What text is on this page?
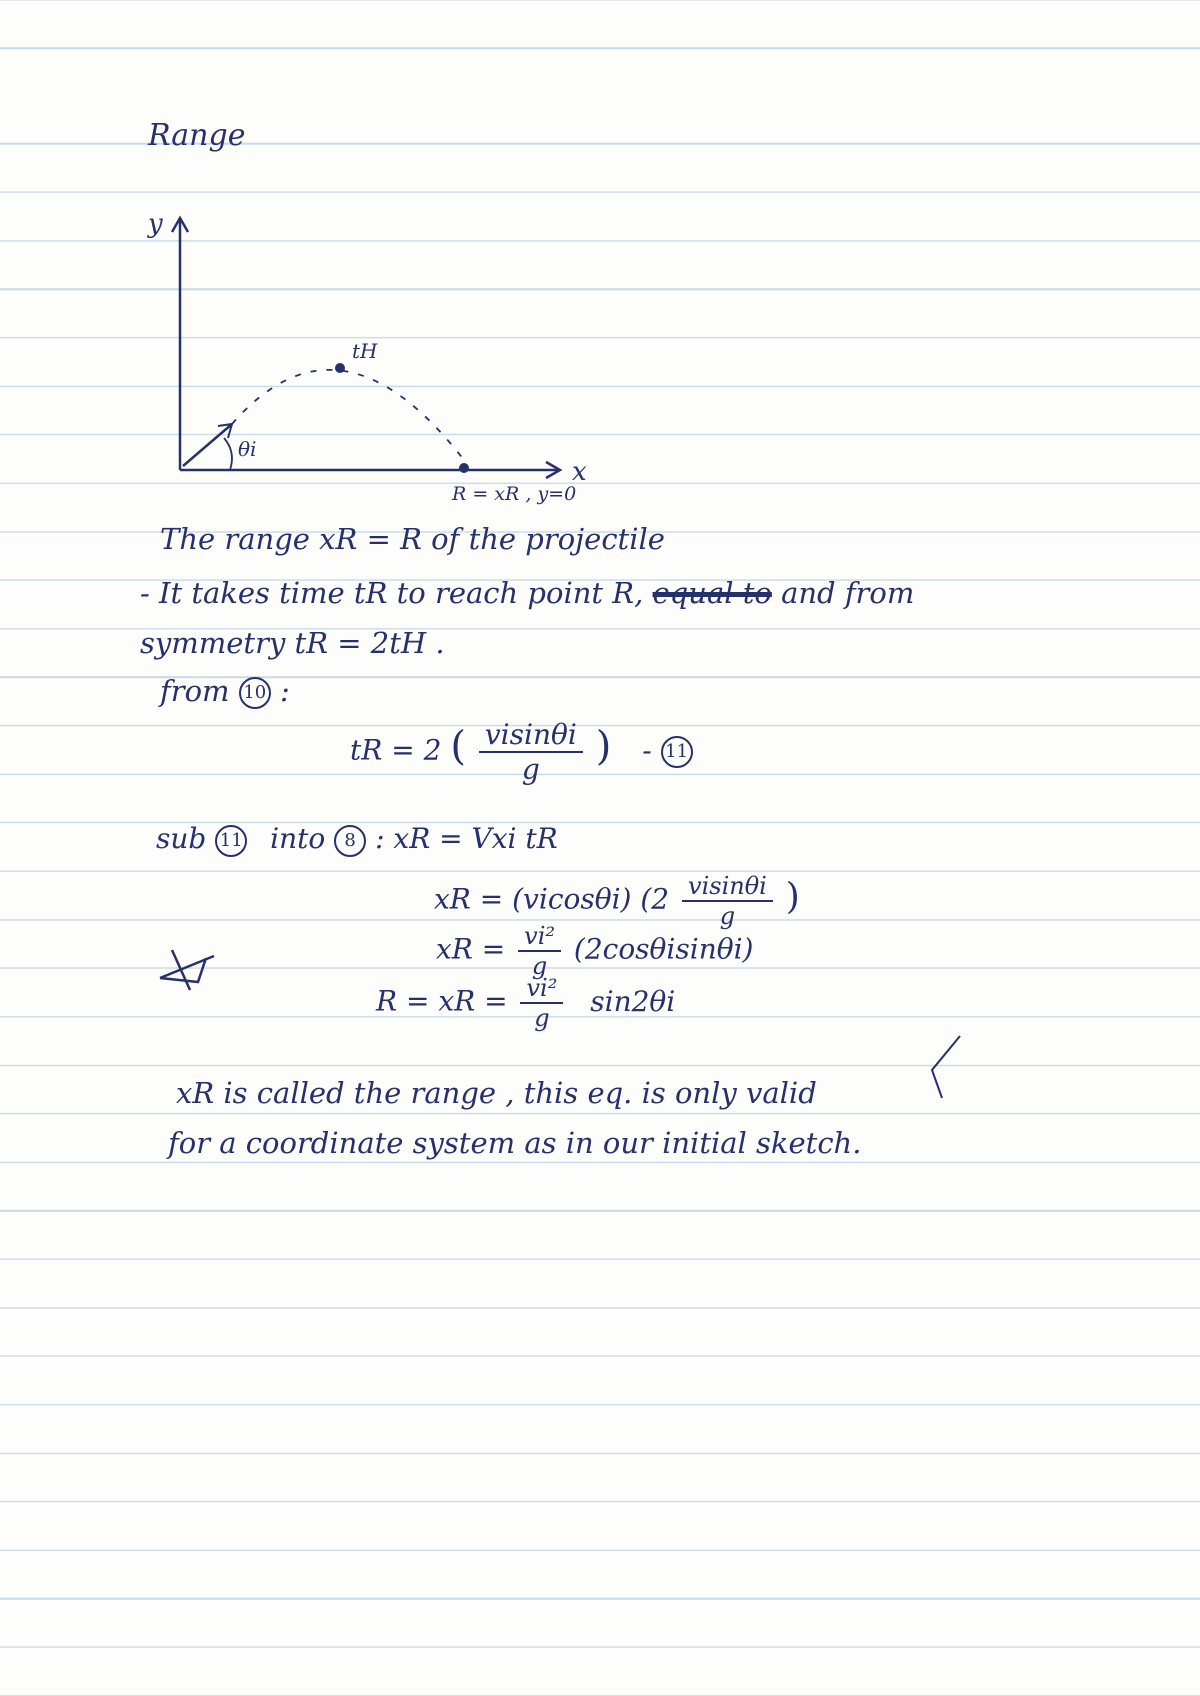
Range
y
x
θi
tH
R = xR , y=0
The range xR = R of the projectile
- It takes time tR to reach point R, equal to and from
symmetry tR = 2tH .
from 10 :
tR = 2 ( $\frac{visin\theta i}{g}$ ) - 11
sub 11 into 8 : xR = Vxi tR
xR = (vicosθi) ($2 \frac{visin\theta i}{g}$ )
xR = $\frac{\text{vi²}}{g} (2\cos\theta isin\theta i)$
R = xR = $\frac{\text{vi²}}{g} \sin 2\theta i$
xR is called the range , this eq. is only valid
for a coordinate system as in our initial sketch.
